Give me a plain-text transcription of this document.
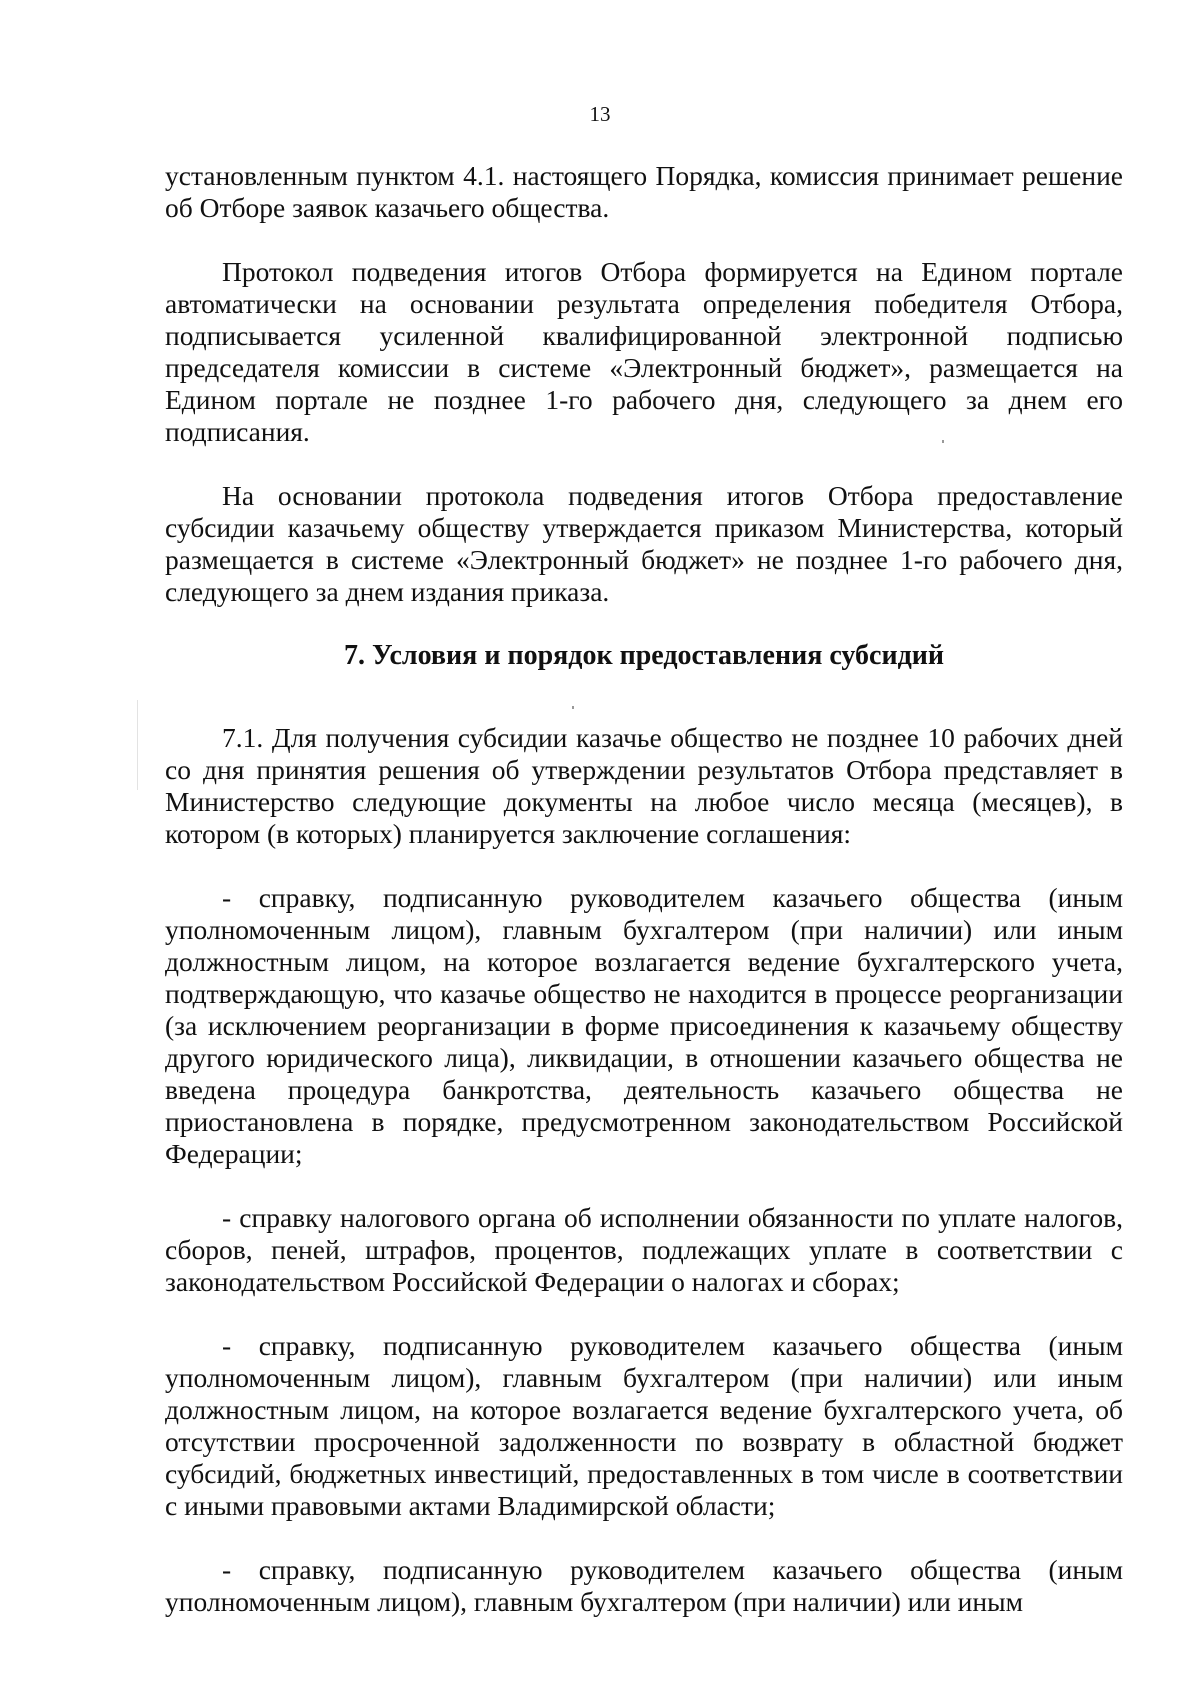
13

установленным пунктом 4.1. настоящего Порядка, комиссия принимает решение об Отборе заявок казачьего общества.

Протокол подведения итогов Отбора формируется на Едином портале автоматически на основании результата определения победителя Отбора, подписывается усиленной квалифицированной электронной подписью председателя комиссии в системе «Электронный бюджет», размещается на Едином портале не позднее 1-го рабочего дня, следующего за днем его подписания.

На основании протокола подведения итогов Отбора предоставление субсидии казачьему обществу утверждается приказом Министерства, который размещается в системе «Электронный бюджет» не позднее 1-го рабочего дня, следующего за днем издания приказа.

7. Условия и порядок предоставления субсидий

7.1. Для получения субсидии казачье общество не позднее 10 рабочих дней со дня принятия решения об утверждении результатов Отбора представляет в Министерство следующие документы на любое число месяца (месяцев), в котором (в которых) планируется заключение соглашения:

- справку, подписанную руководителем казачьего общества (иным уполномоченным лицом), главным бухгалтером (при наличии) или иным должностным лицом, на которое возлагается ведение бухгалтерского учета, подтверждающую, что казачье общество не находится в процессе реорганизации (за исключением реорганизации в форме присоединения к казачьему обществу другого юридического лица), ликвидации, в отношении казачьего общества не введена процедура банкротства, деятельность казачьего общества не приостановлена в порядке, предусмотренном законодательством Российской Федерации;

- справку налогового органа об исполнении обязанности по уплате налогов, сборов, пеней, штрафов, процентов, подлежащих уплате в соответствии с законодательством Российской Федерации о налогах и сборах;

- справку, подписанную руководителем казачьего общества (иным уполномоченным лицом), главным бухгалтером (при наличии) или иным должностным лицом, на которое возлагается ведение бухгалтерского учета, об отсутствии просроченной задолженности по возврату в областной бюджет субсидий, бюджетных инвестиций, предоставленных в том числе в соответствии с иными правовыми актами Владимирской области;

- справку, подписанную руководителем казачьего общества (иным уполномоченным лицом), главным бухгалтером (при наличии) или иным
